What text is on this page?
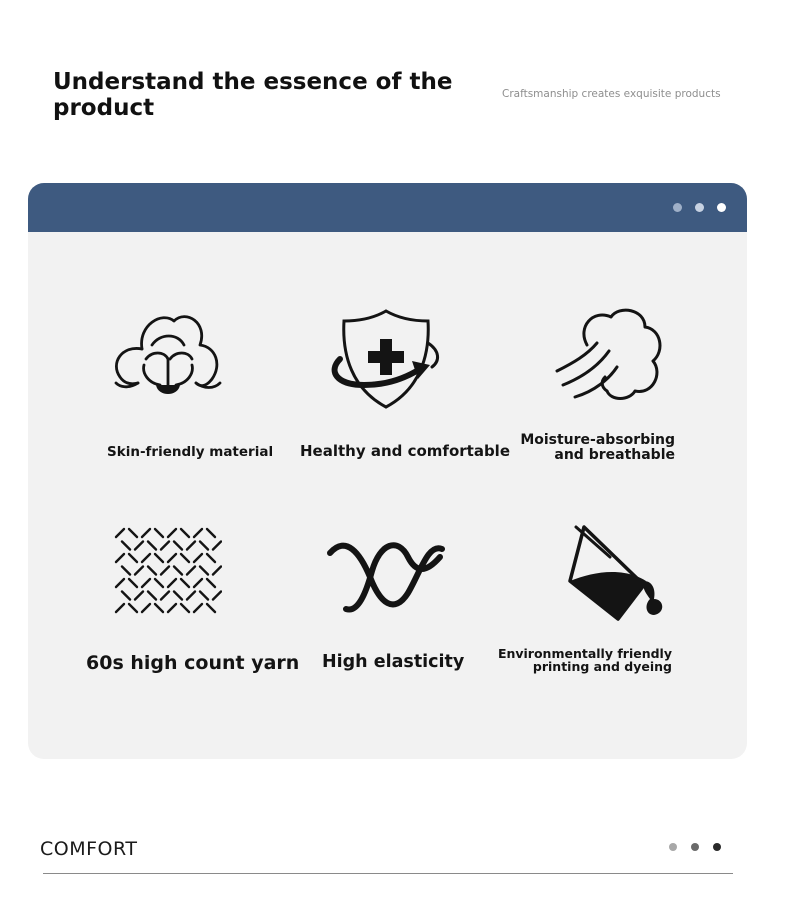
Understand the essence of the product
Craftsmanship creates exquisite products
Skin-friendly material Healthy and comfortable
Moisture-absorbing
and breathable
60s high count yarn High elasticity	Environmentally friendly
printing and dyeing
COMFORT
